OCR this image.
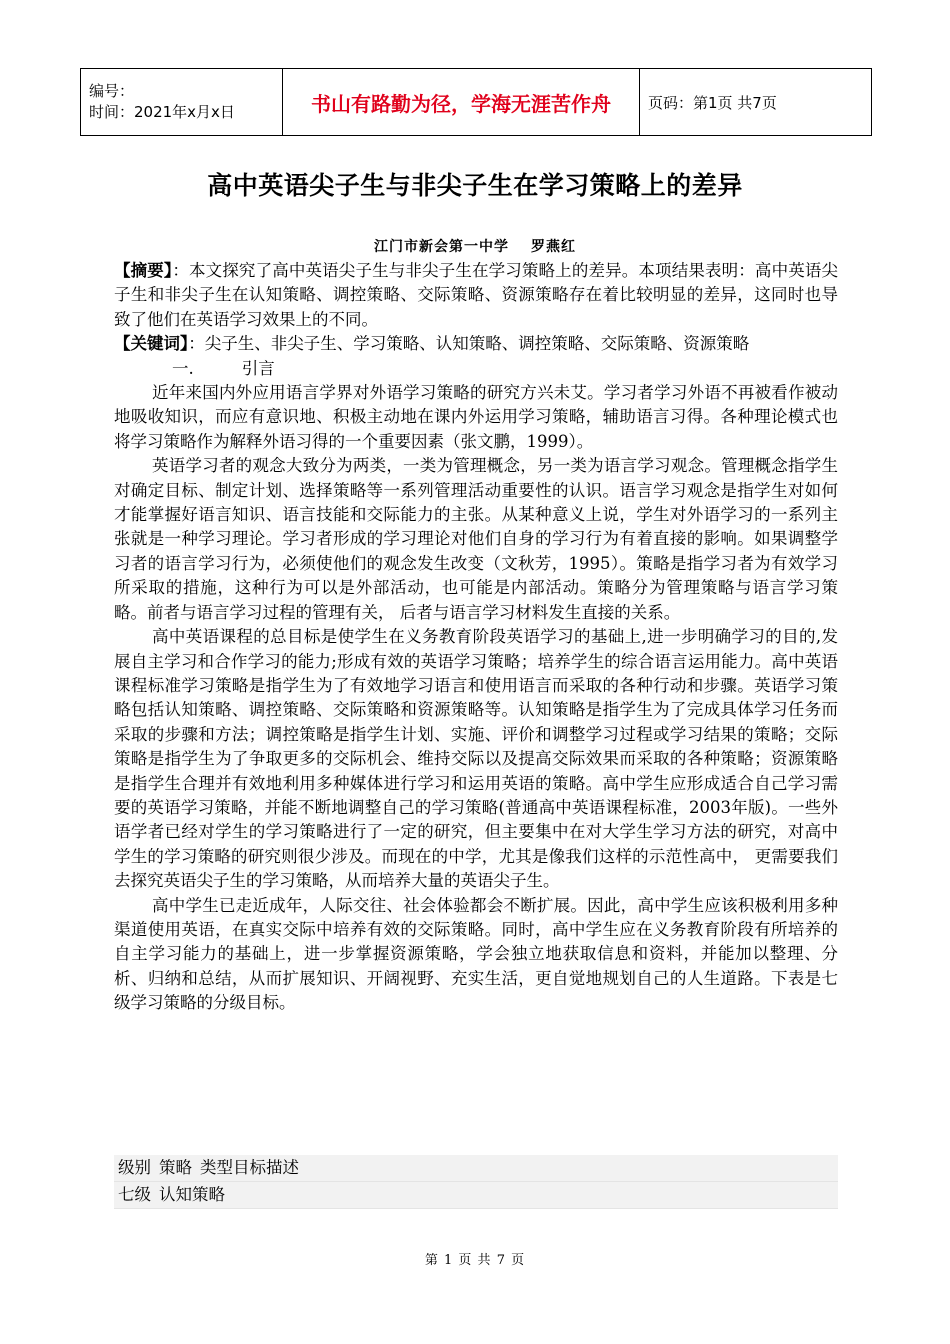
编号：
时间：2021年x月x日	书山有路勤为径，学海无涯苦作舟	页码：第1页 共7页
高中英语尖子生与非尖子生在学习策略上的差异
江门市新会第一中学 罗燕红

【摘要】：本文探究了高中英语尖子生与非尖子生在学习策略上的差异。本项结果表明：高中英语尖子生和非尖子生在认知策略、调控策略、交际策略、资源策略存在着比较明显的差异，这同时也导致了他们在英语学习效果上的不同。

【关键词】：尖子生、非尖子生、学习策略、认知策略、调控策略、交际策略、资源策略

一.	引言

近年来国内外应用语言学界对外语学习策略的研究方兴未艾。学习者学习外语不再被看作被动地吸收知识，而应有意识地、积极主动地在课内外运用学习策略，辅助语言习得。各种理论模式也将学习策略作为解释外语习得的一个重要因素（张文鹏，1999）。

英语学习者的观念大致分为两类，一类为管理概念，另一类为语言学习观念。管理概念指学生对确定目标、制定计划、选择策略等一系列管理活动重要性的认识。语言学习观念是指学生对如何才能掌握好语言知识、语言技能和交际能力的主张。从某种意义上说，学生对外语学习的一系列主张就是一种学习理论。学习者形成的学习理论对他们自身的学习行为有着直接的影响。如果调整学习者的语言学习行为，必须使他们的观念发生改变（文秋芳，1995）。策略是指学习者为有效学习所采取的措施，这种行为可以是外部活动，也可能是内部活动。策略分为管理策略与语言学习策略。前者与语言学习过程的管理有关， 后者与语言学习材料发生直接的关系。

高中英语课程的总目标是使学生在义务教育阶段英语学习的基础上,进一步明确学习的目的,发展自主学习和合作学习的能力;形成有效的英语学习策略；培养学生的综合语言运用能力。高中英语课程标准学习策略是指学生为了有效地学习语言和使用语言而采取的各种行动和步骤。英语学习策略包括认知策略、调控策略、交际策略和资源策略等。认知策略是指学生为了完成具体学习任务而采取的步骤和方法；调控策略是指学生计划、实施、评价和调整学习过程或学习结果的策略；交际策略是指学生为了争取更多的交际机会、维持交际以及提高交际效果而采取的各种策略；资源策略是指学生合理并有效地利用多种媒体进行学习和运用英语的策略。高中学生应形成适合自己学习需要的英语学习策略，并能不断地调整自己的学习策略(普通高中英语课程标准，2003年版)。一些外语学者已经对学生的学习策略进行了一定的研究，但主要集中在对大学生学习方法的研究，对高中学生的学习策略的研究则很少涉及。而现在的中学，尤其是像我们这样的示范性高中， 更需要我们去探究英语尖子生的学习策略，从而培养大量的英语尖子生。

高中学生已走近成年，人际交往、社会体验都会不断扩展。因此，高中学生应该积极利用多种渠道使用英语，在真实交际中培养有效的交际策略。同时，高中学生应在义务教育阶段有所培养的自主学习能力的基础上，进一步掌握资源策略，学会独立地获取信息和资料，并能加以整理、分析、归纳和总结，从而扩展知识、开阔视野、充实生活，更自觉地规划自己的人生道路。下表是七级学习策略的分级目标。

级别 策略 类型目标描述
七级 认知策略
第 1 页 共 7 页
